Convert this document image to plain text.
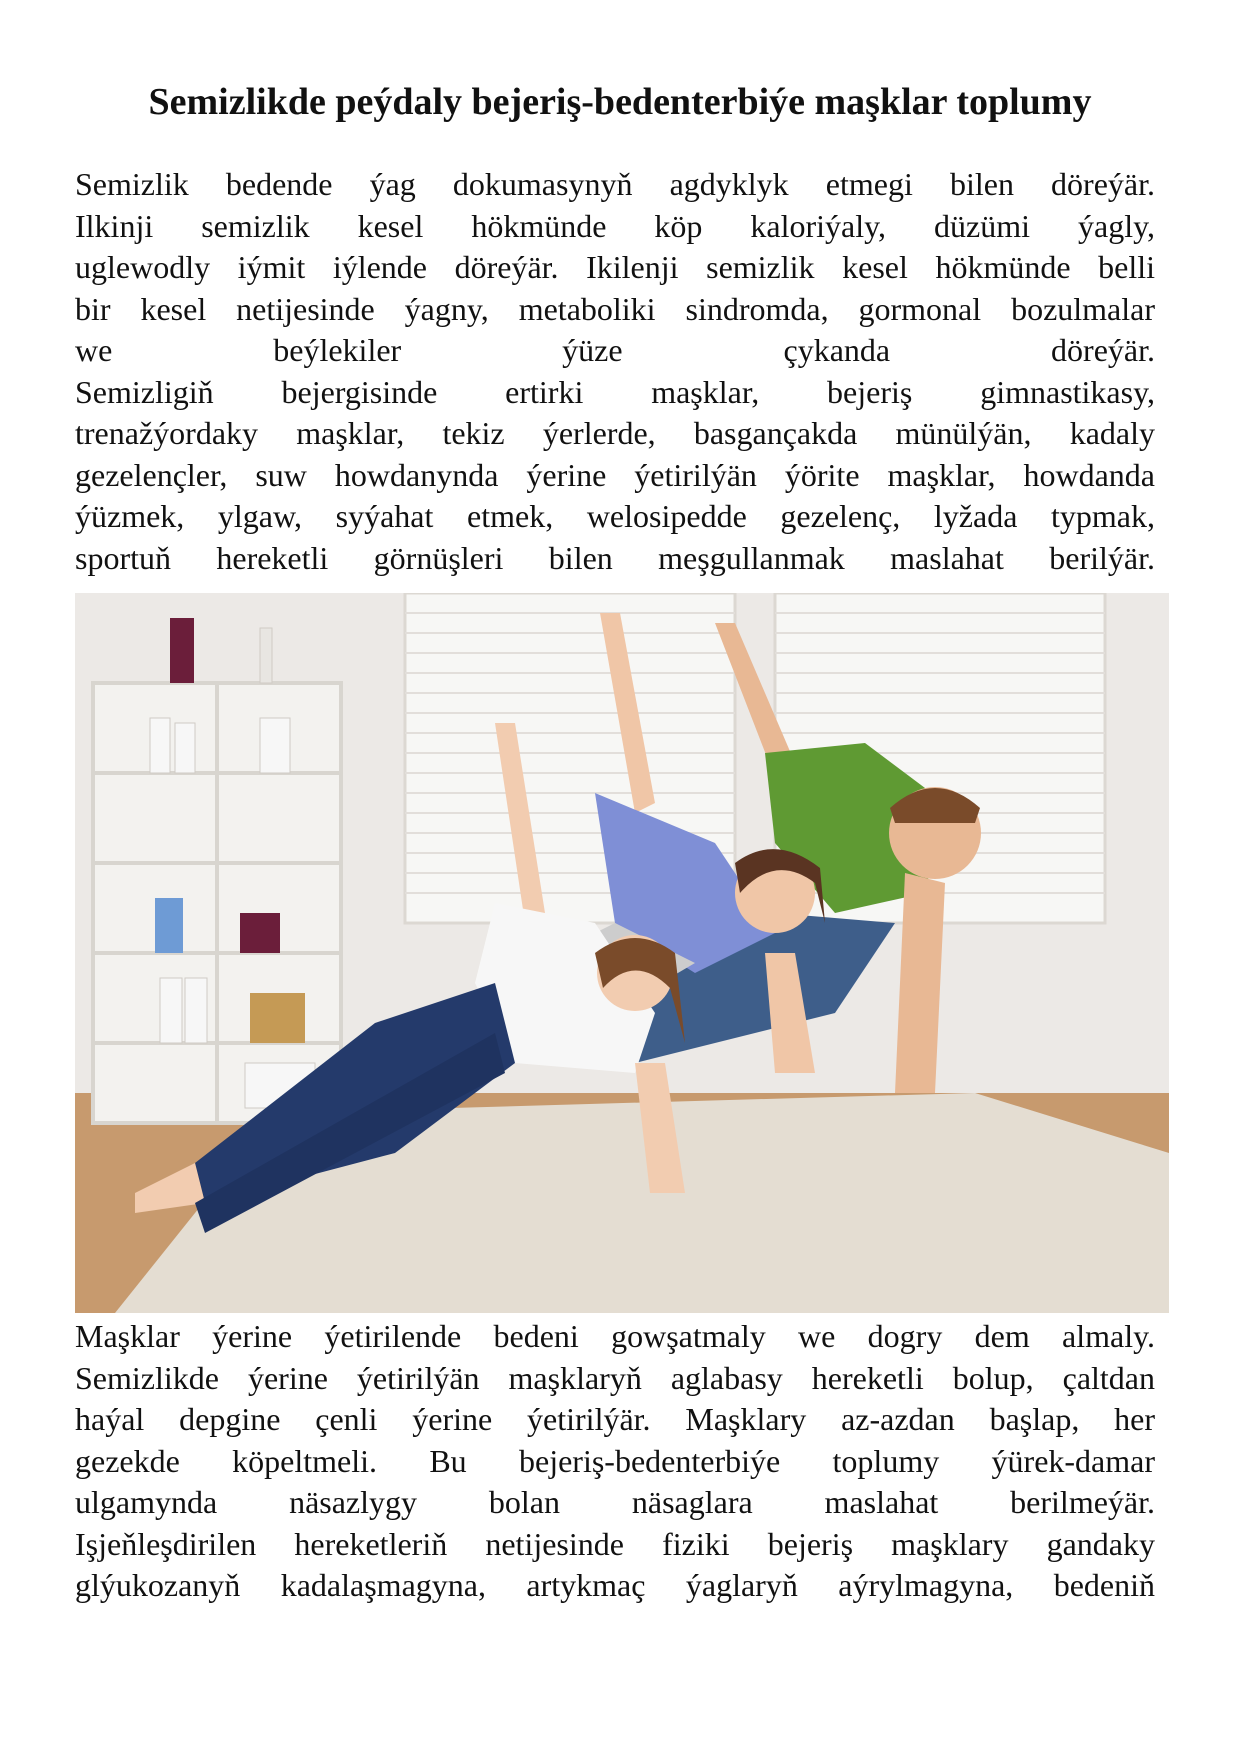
Semizlikde peýdaly bejeriş-bedenterbiýe maşklar toplumy

Semizlik bedende ýag dokumasynyň agdyklyk etmegi bilen döreýär.
Ilkinji semizlik kesel hökmünde köp kaloriýaly, düzümi ýagly,
uglewodly iýmit iýlende döreýär. Ikilenji semizlik kesel hökmünde belli
bir kesel netijesinde ýagny, metaboliki sindromda, gormonal bozulmalar
we beýlekiler ýüze çykanda döreýär.
Semizligiň bejergisinde ertirki maşklar, bejeriş gimnastikasy,
trenažýordaky maşklar, tekiz ýerlerde, basgançakda münülýän, kadaly
gezelençler, suw howdanynda ýerine ýetirilýän ýörite maşklar, howdanda
ýüzmek, ylgaw, syýahat etmek, welosipedde gezelenç, lyžada typmak,
sportuň hereketli görnüşleri bilen meşgullanmak maslahat berilýär.

Maşklar ýerine ýetirilende bedeni gowşatmaly we dogry dem almaly.
Semizlikde ýerine ýetirilýän maşklaryň aglabasy hereketli bolup, çaltdan
haýal depgine çenli ýerine ýetirilýär. Maşklary az-azdan başlap, her
gezekde köpeltmeli. Bu bejeriş-bedenterbiýe toplumy ýürek-damar
ulgamynda näsazlygy bolan näsaglara maslahat berilmeýär.
Işjeňleşdirilen hereketleriň netijesinde fiziki bejeriş maşklary gandaky
glýukozanyň kadalaşmagyna, artykmaç ýaglaryň aýrylmagyna, bedeniň
